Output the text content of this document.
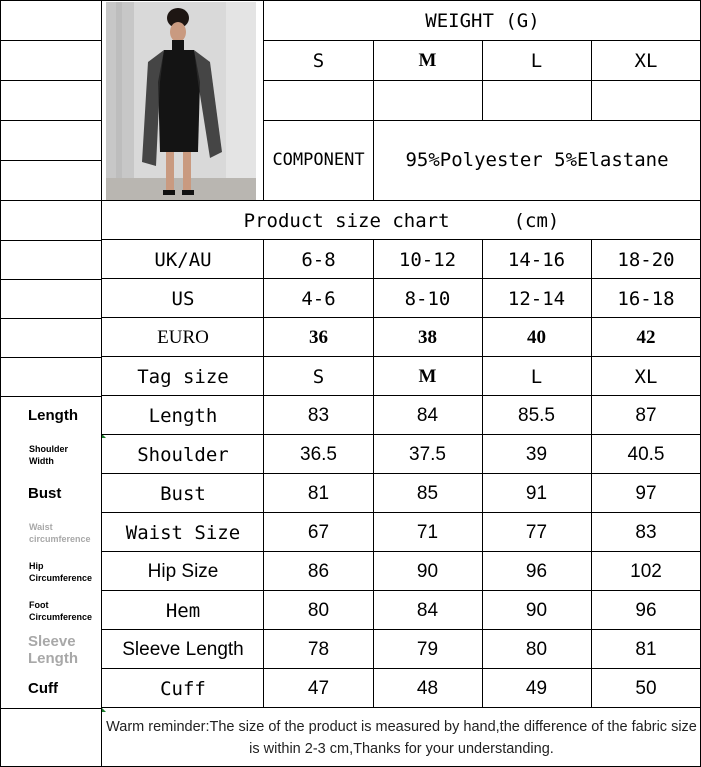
WEIGHT (G)
S	M	L	XL
COMPONENT	95%Polyester 5%Elastane
Product size chart	(cm)
UK/AU	6-8	10-12	14-16	18-20
US	4-6	8-10	12-14	16-18
EURO	36	38	40	42
Tag size	S	M	L	XL
Length	83	84	85.5	87
Shoulder	36.5	37.5	39	40.5
Bust	81	85	91	97
Waist Size	67	71	77	83
Hip Size	86	90	96	102
Hem	80	84	90	96
Sleeve Length	78	79	80	81
Cuff	47	48	49	50
Length
Shoulder Width
Bust
Waist circumference
Hip Circumference
Foot Circumference
Sleeve Length
Cuff
Warm reminder:The size of the product is measured by hand,the difference of the fabric size is within 2-3 cm,Thanks for your understanding.
